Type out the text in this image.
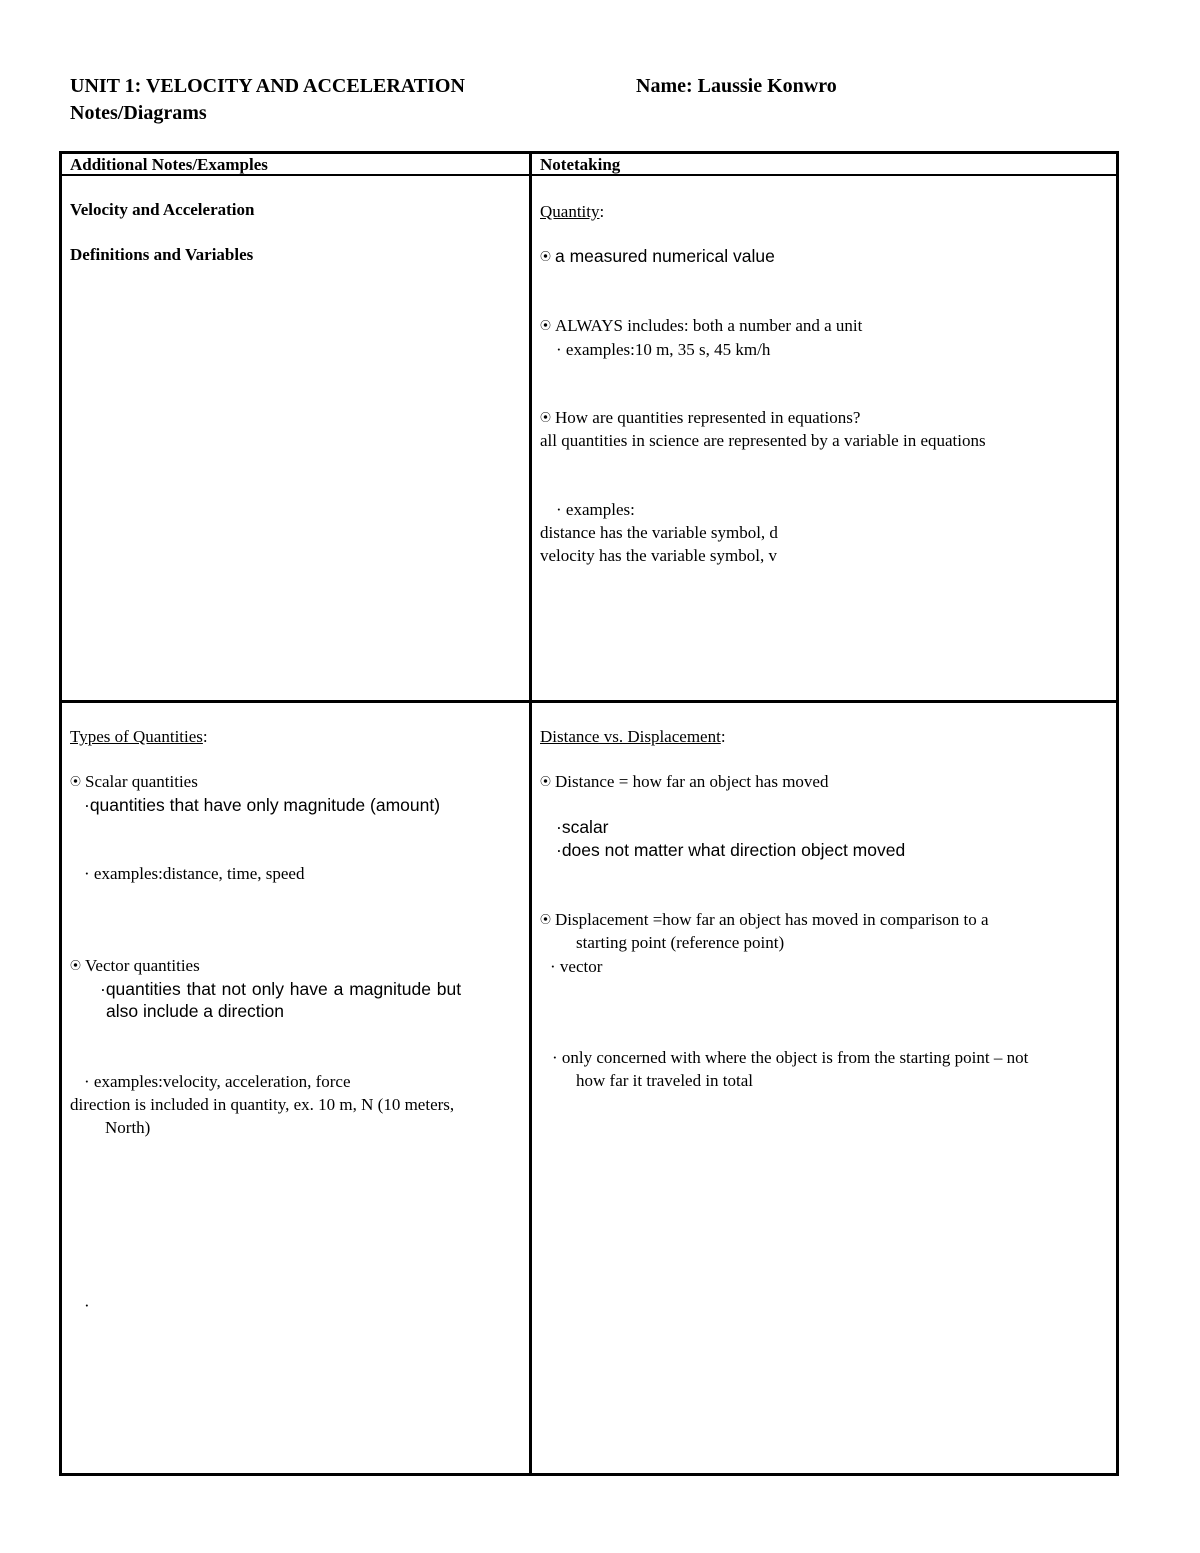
UNIT 1: VELOCITY AND ACCELERATION	Name: Laussie Konwro
Notes/Diagrams
Additional Notes/Examples	Notetaking
Velocity and Acceleration
Definitions and Variables
Quantity:
⦿ a measured numerical value
⦿ ALWAYS includes: both a number and a unit
· examples:10 m, 35 s, 45 km/h
⦿ How are quantities represented in equations?
all quantities in science are represented by a variable in equations
· examples:
distance has the variable symbol, d
velocity has the variable symbol, v
Types of Quantities:
⦿ Scalar quantities
·quantities that have only magnitude (amount)
· examples:distance, time, speed
⦿ Vector quantities
·quantities that not only have a magnitude but
also include a direction
· examples:velocity, acceleration, force
direction is included in quantity, ex. 10 m, N (10 meters,
North)
·
Distance vs. Displacement:
⦿ Distance = how far an object has moved
·scalar
·does not matter what direction object moved
⦿ Displacement =how far an object has moved in comparison to a
starting point (reference point)
· vector
· only concerned with where the object is from the starting point – not
how far it traveled in total
